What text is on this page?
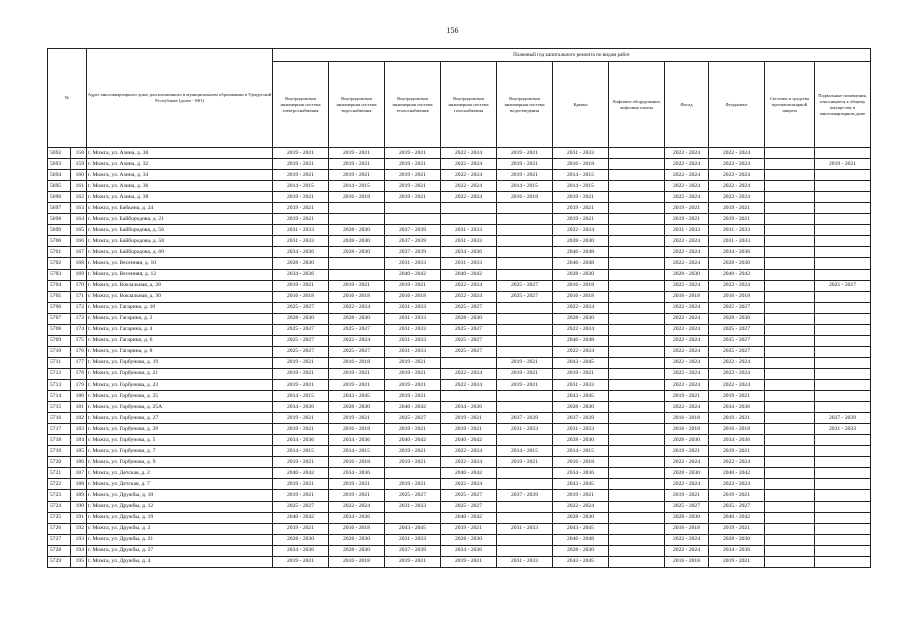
156
№		Адрес многоквартирного дома, расположенного в муниципальном образовании в Удмуртской Республике (далее - МО)	Плановый год капитального ремонта по видам работ										
			Внутридомовая инженерная система электроснабжения	Внутридомовая инженерная система водоснабжения	Внутридомовая инженерная система теплоснабжения	Внутридомовая инженерная система газоснабжения	Внутридомовая инженерная система водоотведения	Крыша	Лифтовое оборудование, лифтовые шахты	Фасад	Фундамент	Системы и средства противопожарной защиты	Подвальные помещения, относящиеся к общему имуществу в многоквартирном доме
5692	158	г. Можга, ул. Азина, д. 30	2019 - 2021	2019 - 2021	2019 - 2021	2022 - 2024	2019 - 2021	2031 - 2033		2022 - 2024	2022 - 2024		
5693	159	г. Можга, ул. Азина, д. 32	2019 - 2021	2019 - 2021	2019 - 2021	2022 - 2024	2019 - 2021	2016 - 2018		2022 - 2024	2022 - 2024		2019 - 2021
5694	160	г. Можга, ул. Азина, д. 34	2019 - 2021	2019 - 2021	2019 - 2021	2022 - 2024	2019 - 2021	2014 - 2015		2022 - 2024	2022 - 2024		
5695	161	г. Можга, ул. Азина, д. 36	2014 - 2015	2014 - 2015	2019 - 2021	2022 - 2024	2014 - 2015	2014 - 2015		2022 - 2024	2022 - 2024		
5696	162	г. Можга, ул. Азина, д. 38	2019 - 2021	2016 - 2018	2019 - 2021	2022 - 2024	2016 - 2018	2019 - 2021		2022 - 2024	2022 - 2024		
5697	163	г. Можга, ул. Бабкина, д. 24	2019 - 2021					2019 - 2021		2019 - 2021	2019 - 2021		
5698	164	г. Можга, ул. Байбородова, д. 21	2019 - 2021					2019 - 2021		2019 - 2021	2019 - 2021		
5699	165	г. Можга, ул. Байбородова, д. 56	2031 - 2033	2028 - 2030	2037 - 2039	2031 - 2033		2022 - 2024		2031 - 2033	2031 - 2033		
5700	166	г. Можга, ул. Байбородова, д. 58	2031 - 2033	2028 - 2030	2037 - 2039	2031 - 2033		2028 - 2030		2022 - 2024	2031 - 2033		
5701	167	г. Можга, ул. Байбородова, д. 60	2034 - 2036	2028 - 2030	2037 - 2039	2034 - 2036		2046 - 2048		2022 - 2024	2034 - 2036		
5702	168	г. Можга, ул. Весенняя, д. 10	2028 - 2030		2031 - 2033	2031 - 2033		2046 - 2048		2022 - 2024	2028 - 2030		
5703	169	г. Можга, ул. Весенняя, д. 12	2034 - 2036		2040 - 2042	2040 - 2042		2028 - 2030		2028 - 2030	2040 - 2042		
5704	170	г. Можга, ул. Вокзальная, д. 28	2019 - 2021	2019 - 2021	2019 - 2021	2022 - 2024	2025 - 2027	2016 - 2018		2022 - 2024	2022 - 2024		2025 - 2027
5705	171	г. Можга, ул. Вокзальная, д. 30	2016 - 2018	2016 - 2018	2016 - 2018	2022 - 2024	2025 - 2027	2016 - 2018		2016 - 2018	2016 - 2018		
5706	172	г. Можга, ул. Гагарина, д. 10	2025 - 2027	2022 - 2024	2031 - 2033	2025 - 2027		2022 - 2024		2022 - 2024	2025 - 2027		
5707	173	г. Можга, ул. Гагарина, д. 2	2028 - 2030	2028 - 2030	2031 - 2033	2028 - 2030		2028 - 2030		2022 - 2024	2028 - 2030		
5708	174	г. Можга, ул. Гагарина, д. 4	2025 - 2027	2025 - 2027	2031 - 2033	2025 - 2027		2022 - 2024		2022 - 2024	2025 - 2027		
5709	175	г. Можга, ул. Гагарина, д. 6	2025 - 2027	2022 - 2024	2031 - 2033	2025 - 2027		2046 - 2048		2022 - 2024	2025 - 2027		
5710	176	г. Можга, ул. Гагарина, д. 8	2025 - 2027	2025 - 2027	2031 - 2033	2025 - 2027		2022 - 2024		2022 - 2024	2025 - 2027		
5711	177	г. Можга, ул. Горбунова, д. 19	2019 - 2021	2016 - 2018	2019 - 2021		2019 - 2021	2043 - 2045		2022 - 2024	2022 - 2024		
5712	178	г. Можга, ул. Горбунова, д. 21	2019 - 2021	2019 - 2021	2019 - 2021	2022 - 2024	2019 - 2021	2019 - 2021		2022 - 2024	2022 - 2024		
5713	179	г. Можга, ул. Горбунова, д. 23	2019 - 2021	2019 - 2021	2019 - 2021	2022 - 2024	2019 - 2021	2031 - 2033		2022 - 2024	2022 - 2024		
5714	180	г. Можга, ул. Горбунова, д. 25	2014 - 2015	2043 - 2045	2019 - 2021			2043 - 2045		2019 - 2021	2019 - 2021		
5715	181	г. Можга, ул. Горбунова, д. 25А	2034 - 2036	2028 - 2030	2040 - 2042	2034 - 2036		2028 - 2030		2022 - 2024	2034 - 2036		
5716	182	г. Можга, ул. Горбунова, д. 27	2019 - 2021	2019 - 2021	2025 - 2027	2019 - 2021	2037 - 2039	2037 - 2039		2016 - 2018	2019 - 2021		2037 - 2039
5717	183	г. Можга, ул. Горбунова, д. 29	2019 - 2021	2016 - 2018	2019 - 2021	2019 - 2021	2031 - 2033	2031 - 2033		2016 - 2018	2016 - 2018		2031 - 2033
5718	184	г. Можга, ул. Горбунова, д. 5	2034 - 2036	2034 - 2036	2040 - 2042	2040 - 2042		2028 - 2030		2028 - 2030	2034 - 2036		
5719	185	г. Можга, ул. Горбунова, д. 7	2014 - 2015	2014 - 2015	2019 - 2021	2022 - 2024	2014 - 2015	2014 - 2015		2019 - 2021	2019 - 2021		
5720	186	г. Можга, ул. Горбунова, д. 9	2019 - 2021	2016 - 2018	2019 - 2021	2022 - 2024	2019 - 2021	2016 - 2018		2022 - 2024	2022 - 2024		
5721	187	г. Можга, ул. Детская, д. 2	2040 - 2042	2034 - 2036		2040 - 2042		2034 - 2036		2028 - 2030	2040 - 2042		
5722	188	г. Можга, ул. Детская, д. 7	2019 - 2021	2019 - 2021	2019 - 2021	2022 - 2024		2043 - 2045		2022 - 2024	2022 - 2024		
5723	189	г. Можга, ул. Дружбы, д. 10	2019 - 2021	2019 - 2021	2025 - 2027	2025 - 2027	2037 - 2039	2019 - 2021		2019 - 2021	2019 - 2021		
5724	190	г. Можга, ул. Дружбы, д. 12	2025 - 2027	2022 - 2024	2031 - 2033	2025 - 2027		2022 - 2024		2025 - 2027	2025 - 2027		
5725	191	г. Можга, ул. Дружбы, д. 19	2040 - 2042	2034 - 2036		2040 - 2042		2028 - 2030		2028 - 2030	2040 - 2042		
5726	192	г. Можга, ул. Дружбы, д. 2	2019 - 2021	2016 - 2018	2043 - 2045	2019 - 2021	2031 - 2033	2043 - 2045		2016 - 2018	2019 - 2021		
5727	193	г. Можга, ул. Дружбы, д. 21	2028 - 2030	2028 - 2030	2031 - 2033	2028 - 2030		2046 - 2048		2022 - 2024	2028 - 2030		
5728	194	г. Можга, ул. Дружбы, д. 27	2034 - 2036	2028 - 2030	2037 - 2039	2034 - 2036		2028 - 2030		2022 - 2024	2034 - 2036		
5729	195	г. Можга, ул. Дружбы, д. 4	2019 - 2021	2016 - 2018	2019 - 2021	2019 - 2021	2031 - 2033	2043 - 2045		2016 - 2018	2019 - 2021		
